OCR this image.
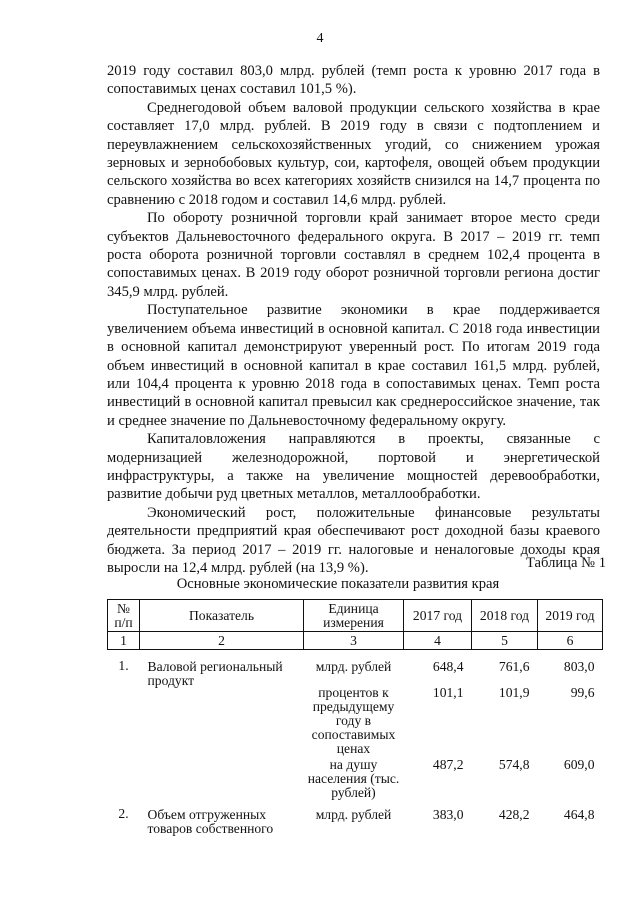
4

2019 году составил 803,0 млрд. рублей (темп роста к уровню 2017 года в сопоставимых ценах составил 101,5 %).

Среднегодовой объем валовой продукции сельского хозяйства в крае составляет 17,0 млрд. рублей. В 2019 году в связи с подтоплением и переувлажнением сельскохозяйственных угодий, со снижением урожая зерновых и зернобобовых культур, сои, картофеля, овощей объем продукции сельского хозяйства во всех категориях хозяйств снизился на 14,7 процента по сравнению с 2018 годом и составил 14,6 млрд. рублей.

По обороту розничной торговли край занимает второе место среди субъектов Дальневосточного федерального округа. В 2017 – 2019 гг. темп роста оборота розничной торговли составлял в среднем 102,4 процента в сопоставимых ценах. В 2019 году оборот розничной торговли региона достиг 345,9 млрд. рублей.

Поступательное развитие экономики в крае поддерживается увеличением объема инвестиций в основной капитал. С 2018 года инвестиции в основной капитал демонстрируют уверенный рост. По итогам 2019 года объем инвестиций в основной капитал в крае составил 161,5 млрд. рублей, или 104,4 процента к уровню 2018 года в сопоставимых ценах. Темп роста инвестиций в основной капитал превысил как среднероссийское значение, так и среднее значение по Дальневосточному федеральному округу.

Капиталовложения направляются в проекты, связанные с модернизацией железнодорожной, портовой и энергетической инфраструктуры, а также на увеличение мощностей деревообработки, развитие добычи руд цветных металлов, металлообработки.

Экономический рост, положительные финансовые результаты деятельности предприятий края обеспечивают рост доходной базы краевого бюджета. За период 2017 – 2019 гг. налоговые и неналоговые доходы края выросли на 12,4 млрд. рублей (на 13,9 %).	Таблица № 1
Основные экономические показатели развития края
№ п/п	Показатель	Единица измерения	2017 год	2018 год	2019 год
1	2	3	4	5	6

1.	Валовой региональный продукт	млрд. рублей	648,4	761,6	803,0
		процентов к предыдущему году в сопоставимых ценах	101,1	101,9	99,6
		на душу населения (тыс. рублей)	487,2	574,8	609,0
2.	Объем отгруженных товаров собственного	млрд. рублей	383,0	428,2	464,8
